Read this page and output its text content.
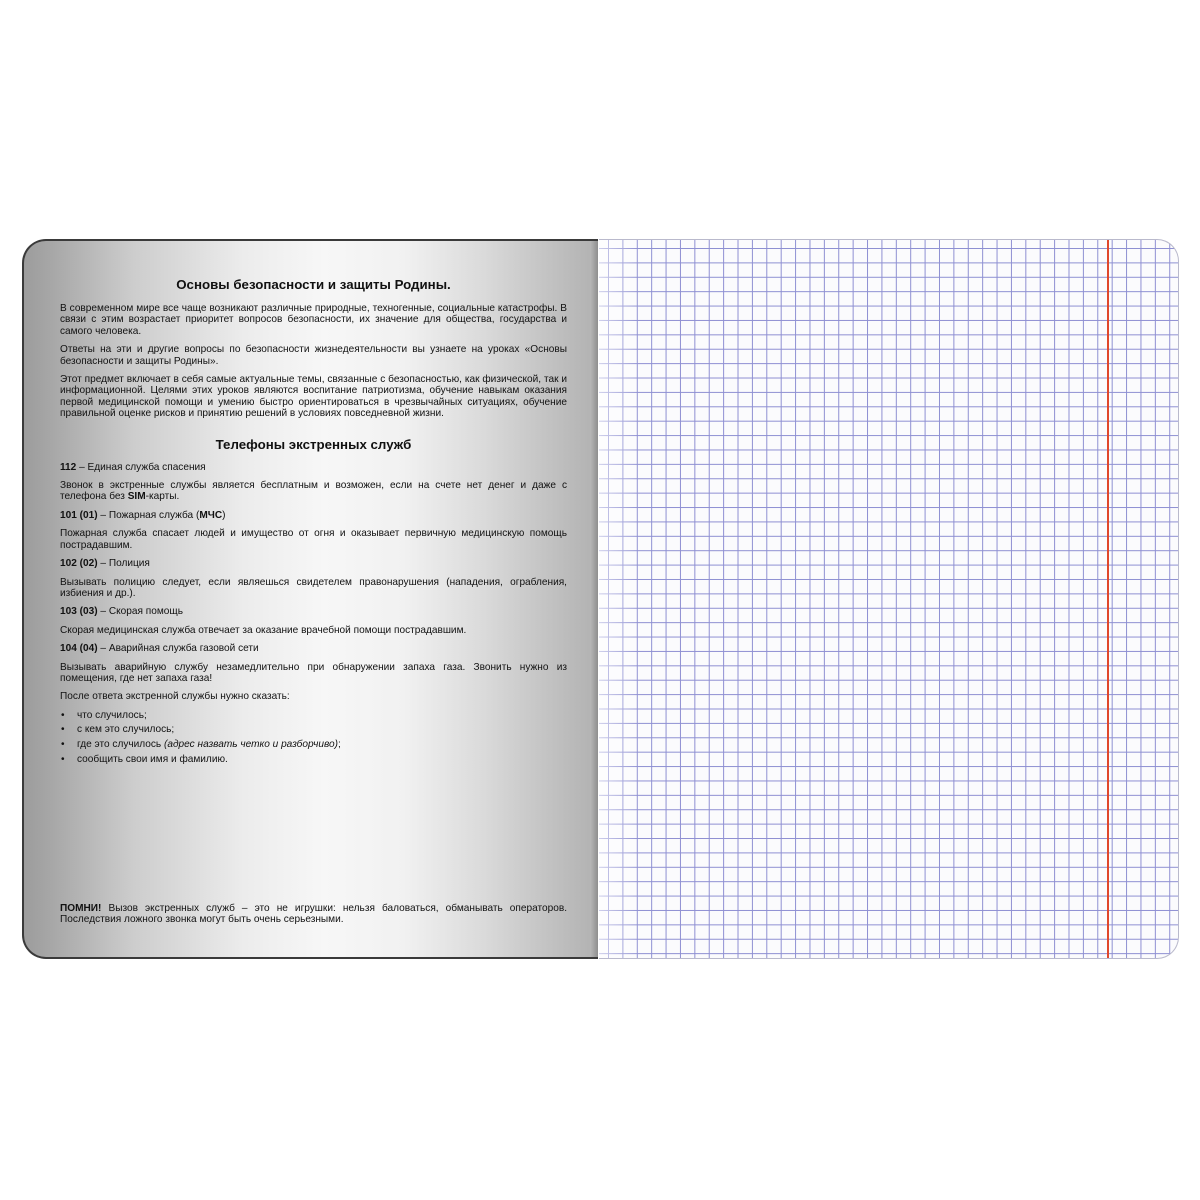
Основы безопасности и защиты Родины.

В современном мире все чаще возникают различные природные, техногенные, социальные катастрофы. В связи с этим возрастает приоритет вопросов безопасности, их значение для общества, государства и самого человека.

Ответы на эти и другие вопросы по безопасности жизнедеятельности вы узнаете на уроках «Основы безопасности и защиты Родины».

Этот предмет включает в себя самые актуальные темы, связанные с безопасностью, как физической, так и информационной. Целями этих уроков являются воспитание патриотизма, обучение навыкам оказания первой медицинской помощи и умению быстро ориентироваться в чрезвычайных ситуациях, обучение правильной оценке рисков и принятию решений в условиях повседневной жизни.

Телефоны экстренных служб

112 – Единая служба спасения

Звонок в экстренные службы является бесплатным и возможен, если на счете нет денег и даже с телефона без SIM-карты.

101 (01) – Пожарная служба (МЧС)

Пожарная служба спасает людей и имущество от огня и оказывает первичную медицинскую помощь пострадавшим.

102 (02) – Полиция

Вызывать полицию следует, если являешься свидетелем правонарушения (нападения, ограбления, избиения и др.).

103 (03) – Скорая помощь

Скорая медицинская служба отвечает за оказание врачебной помощи пострадавшим.

104 (04) – Аварийная служба газовой сети

Вызывать аварийную службу незамедлительно при обнаружении запаха газа. Звонить нужно из помещения, где нет запаха газа!

После ответа экстренной службы нужно сказать:

• что случилось;
• с кем это случилось;
• где это случилось (адрес назвать четко и разборчиво);
• сообщить свои имя и фамилию.
ПОМНИ! Вызов экстренных служб – это не игрушки: нельзя баловаться, обманывать операторов. Последствия ложного звонка могут быть очень серьезными.
